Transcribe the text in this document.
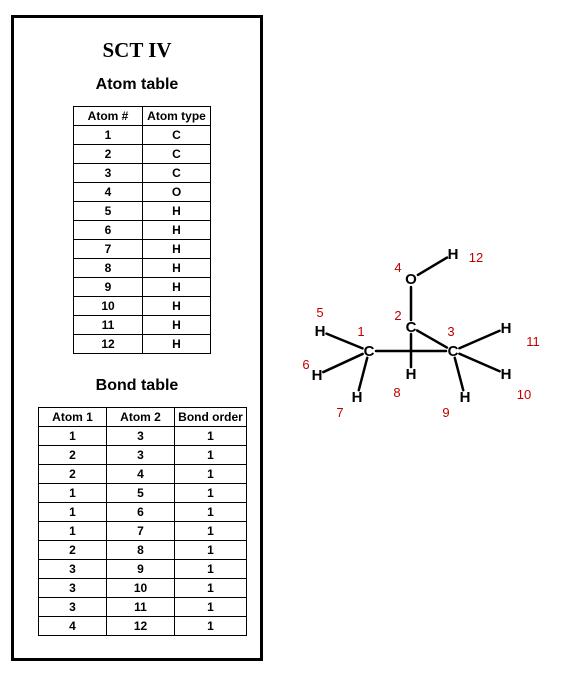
SCT IV
Atom table
Atom #	Atom type
1	C
2	C
3	C
4	O
5	H
6	H
7	H
8	H
9	H
10	H
11	H
12	H
Bond table
Atom 1	Atom 2	Bond order
1	3	1
2	3	1
2	4	1
1	5	1
1	6	1
1	7	1
2	8	1
3	9	1
3	10	1
3	11	1
4	12	1
C
C
C
O
H
H
H
H
H
H
H
H
1
2
3
4
5
6
7
8
9
10
11
12
